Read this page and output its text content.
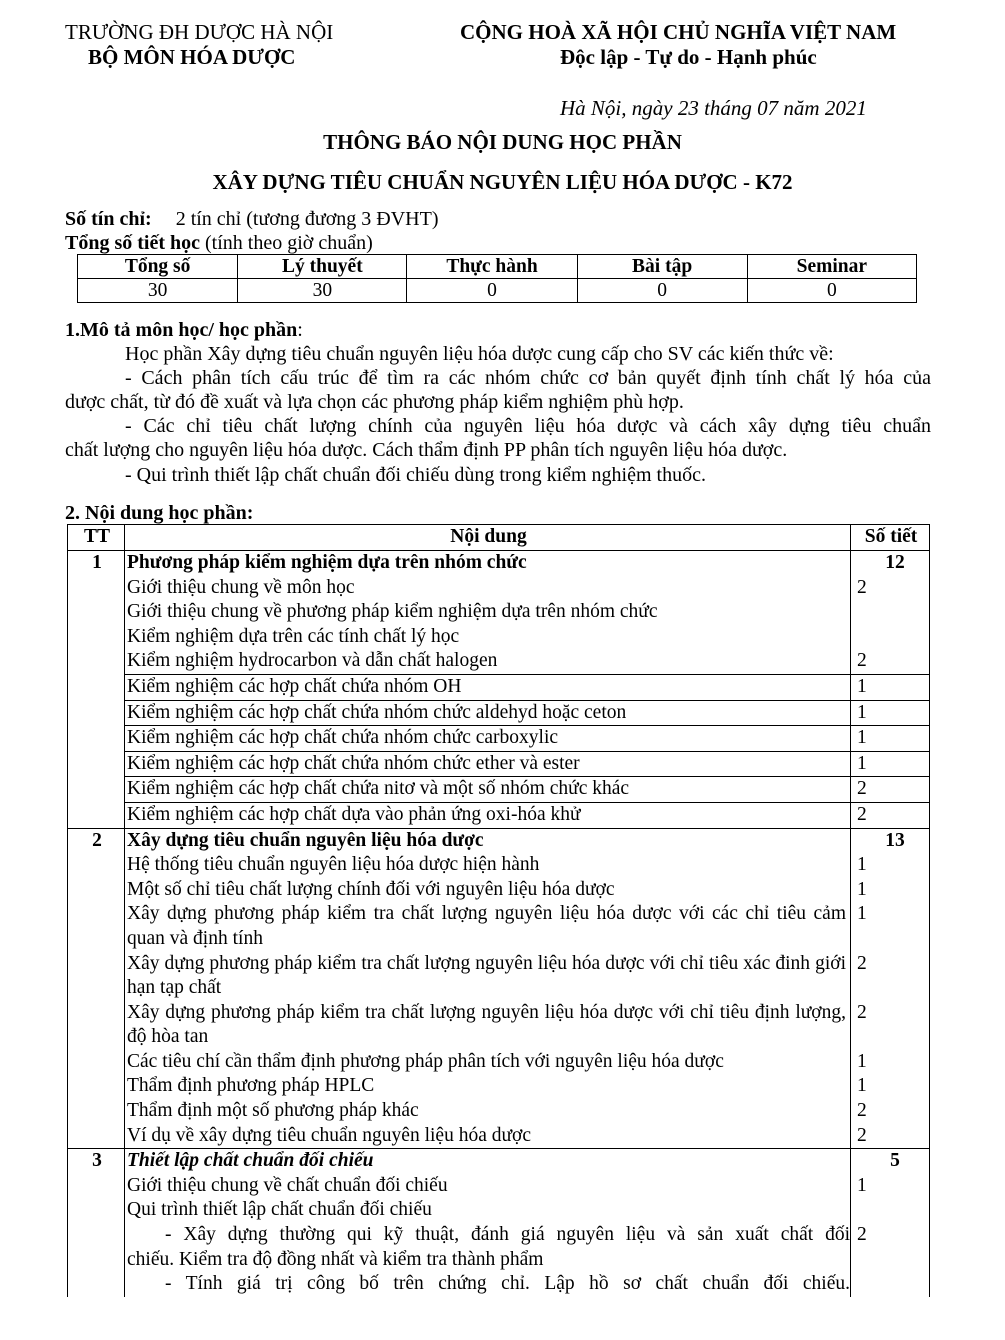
TRƯỜNG ĐH DƯỢC HÀ NỘI
BỘ MÔN HÓA DƯỢC
CỘNG HOÀ XÃ HỘI CHỦ NGHĨA VIỆT NAM
Độc lập - Tự do - Hạnh phúc
Hà Nội, ngày 23 tháng 07 năm 2021
THÔNG BÁO NỘI DUNG HỌC PHẦN
XÂY DỰNG TIÊU CHUẨN NGUYÊN LIỆU HÓA DƯỢC - K72
Số tín chỉ: 2 tín chỉ (tương đương 3 ĐVHT)
Tổng số tiết học (tính theo giờ chuẩn)
Tổng số	Lý thuyết	Thực hành	Bài tập	Seminar
30	30	0	0	0
1.Mô tả môn học/ học phần:
Học phần Xây dựng tiêu chuẩn nguyên liệu hóa dược cung cấp cho SV các kiến thức về:
- Cách phân tích cấu trúc để tìm ra các nhóm chức cơ bản quyết định tính chất lý hóa của
dược chất, từ đó đề xuất và lựa chọn các phương pháp kiểm nghiệm phù hợp.
- Các chỉ tiêu chất lượng chính của nguyên liệu hóa dược và cách xây dựng tiêu chuẩn
chất lượng cho nguyên liệu hóa dược. Cách thẩm định PP phân tích nguyên liệu hóa dược.
- Qui trình thiết lập chất chuẩn đối chiếu dùng trong kiểm nghiệm thuốc.
2. Nội dung học phần:
TT	Nội dung	Số tiết
1	Phương pháp kiểm nghiệm dựa trên nhóm chức	12
	Giới thiệu chung về môn học	2
	Giới thiệu chung về phương pháp kiểm nghiệm dựa trên nhóm chức	
	Kiểm nghiệm dựa trên các tính chất lý học	
	Kiểm nghiệm hydrocarbon và dẫn chất halogen	2
	Kiểm nghiệm các hợp chất chứa nhóm OH	1
	Kiểm nghiệm các hợp chất chứa nhóm chức aldehyd hoặc ceton	1
	Kiểm nghiệm các hợp chất chứa nhóm chức carboxylic	1
	Kiểm nghiệm các hợp chất chứa nhóm chức ether và ester	1
	Kiểm nghiệm các hợp chất chứa nitơ và một số nhóm chức khác	2
	Kiểm nghiệm các hợp chất dựa vào phản ứng oxi-hóa khử	2
2	Xây dựng tiêu chuẩn nguyên liệu hóa dược	13
	Hệ thống tiêu chuẩn nguyên liệu hóa dược hiện hành	1
	Một số chỉ tiêu chất lượng chính đối với nguyên liệu hóa dược	1
	Xây dựng phương pháp kiểm tra chất lượng nguyên liệu hóa dược với các chỉ tiêu cảm quan và định tính	1
	Xây dựng phương pháp kiểm tra chất lượng nguyên liệu hóa dược với chỉ tiêu xác đinh giới hạn tạp chất	2
	Xây dựng phương pháp kiểm tra chất lượng nguyên liệu hóa dược với chỉ tiêu định lượng, độ hòa tan	2
	Các tiêu chí cần thẩm định phương pháp phân tích với nguyên liệu hóa dược	1
	Thẩm định phương pháp HPLC	1
	Thẩm định một số phương pháp khác	2
	Ví dụ về xây dựng tiêu chuẩn nguyên liệu hóa dược	2
3	Thiết lập chất chuẩn đối chiếu	5
	Giới thiệu chung về chất chuẩn đối chiếu	1
	Qui trình thiết lập chất chuẩn đối chiếu	
	- Xây dựng thường qui kỹ thuật, đánh giá nguyên liệu và sản xuất chất đối	2
	chiếu. Kiểm tra độ đồng nhất và kiểm tra thành phẩm	
	- Tính giá trị công bố trên chứng chỉ. Lập hồ sơ chất chuẩn đối chiếu.	
